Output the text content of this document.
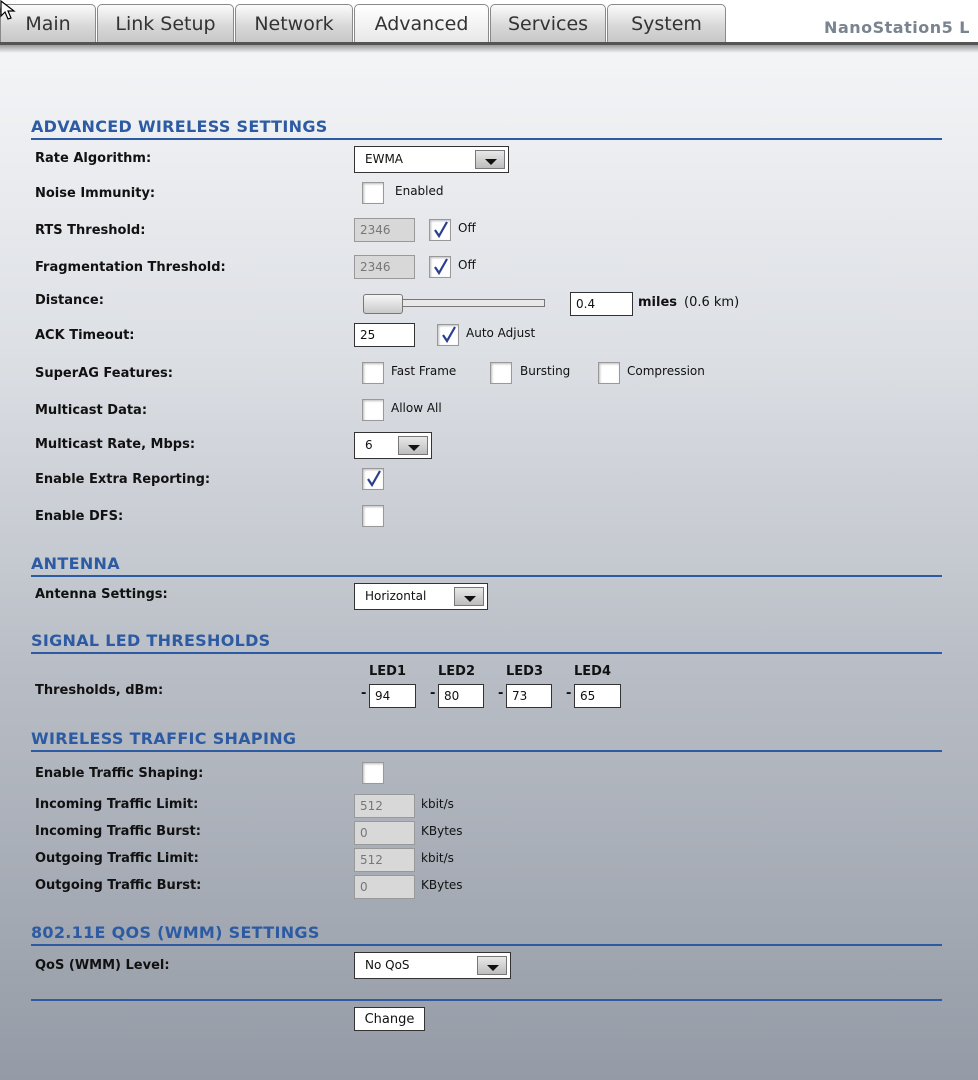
Main	Link Setup	Network	Advanced	Services	System	NanoStation5 L
ADVANCED WIRELESS SETTINGS
Rate Algorithm:	EWMA
Noise Immunity:	Enabled
RTS Threshold:	2346	Off
Fragmentation Threshold:	2346	Off
Distance:	0.4	miles (0.6 km)
ACK Timeout:	25	Auto Adjust
SuperAG Features:	Fast Frame	Bursting	Compression
Multicast Data:	Allow All
Multicast Rate, Mbps:	6
Enable Extra Reporting:
Enable DFS:
ANTENNA
Antenna Settings:	Horizontal
SIGNAL LED THRESHOLDS
LED1 LED2 LED3 LED4
Thresholds, dBm:	- 94	- 80	- 73	- 65
WIRELESS TRAFFIC SHAPING
Enable Traffic Shaping:
Incoming Traffic Limit:	512	kbit/s
Incoming Traffic Burst:	0	KBytes
Outgoing Traffic Limit:	512	kbit/s
Outgoing Traffic Burst:	0	KBytes
802.11E QOS (WMM) SETTINGS
QoS (WMM) Level:	No QoS
Change
